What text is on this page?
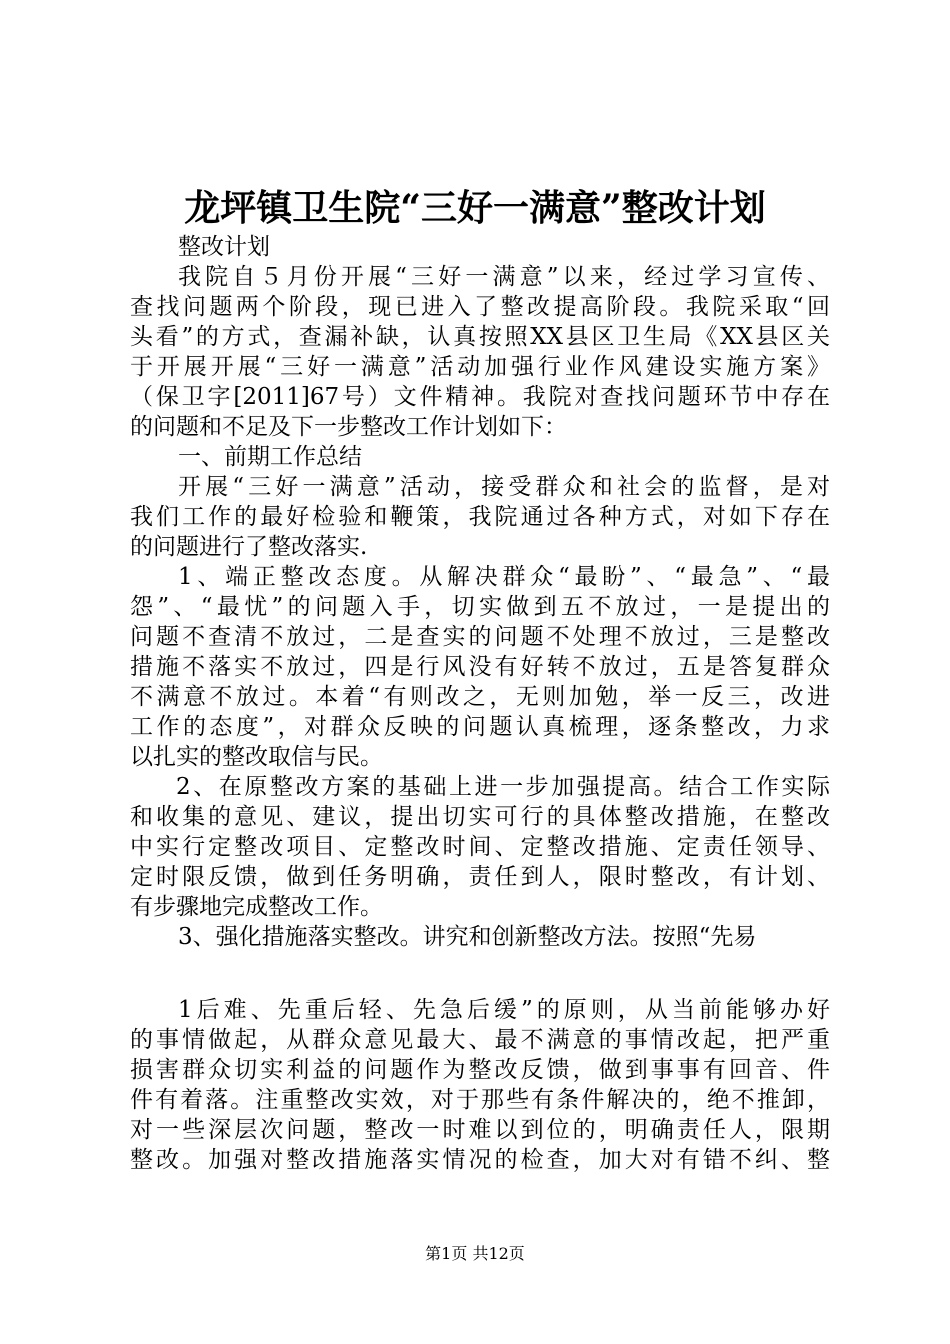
龙坪镇卫生院“三好一满意”整改计划
整改计划
我院自５月份开展“三好一满意”以来，经过学习宣传、
查找问题两个阶段，现已进入了整改提高阶段。我院采取“回
头看”的方式，查漏补缺，认真按照XX县区卫生局《XX县区关
于开展开展“三好一满意”活动加强行业作风建设实施方案》
（保卫字[2011]67号）文件精神。我院对查找问题环节中存在
的问题和不足及下一步整改工作计划如下：
一、前期工作总结
开展“三好一满意”活动，接受群众和社会的监督，是对
我们工作的最好检验和鞭策，我院通过各种方式，对如下存在
的问题进行了整改落实.
1、端正整改态度。从解决群众“最盼”、“最急”、“最
怨”、“最忧”的问题入手，切实做到五不放过，一是提出的
问题不查清不放过，二是查实的问题不处理不放过，三是整改
措施不落实不放过，四是行风没有好转不放过，五是答复群众
不满意不放过。本着“有则改之，无则加勉，举一反三，改进
工作的态度”，对群众反映的问题认真梳理，逐条整改，力求
以扎实的整改取信与民。
2、在原整改方案的基础上进一步加强提高。结合工作实际
和收集的意见、建议，提出切实可行的具体整改措施，在整改
中实行定整改项目、定整改时间、定整改措施、定责任领导、
定时限反馈，做到任务明确，责任到人，限时整改，有计划、
有步骤地完成整改工作。
3、强化措施落实整改。讲究和创新整改方法。按照“先易
1后难、先重后轻、先急后缓”的原则，从当前能够办好
的事情做起，从群众意见最大、最不满意的事情改起，把严重
损害群众切实利益的问题作为整改反馈，做到事事有回音、件
件有着落。注重整改实效，对于那些有条件解决的，绝不推卸，
对一些深层次问题，整改一时难以到位的，明确责任人，限期
整改。加强对整改措施落实情况的检查，加大对有错不纠、整
第1页 共12页
